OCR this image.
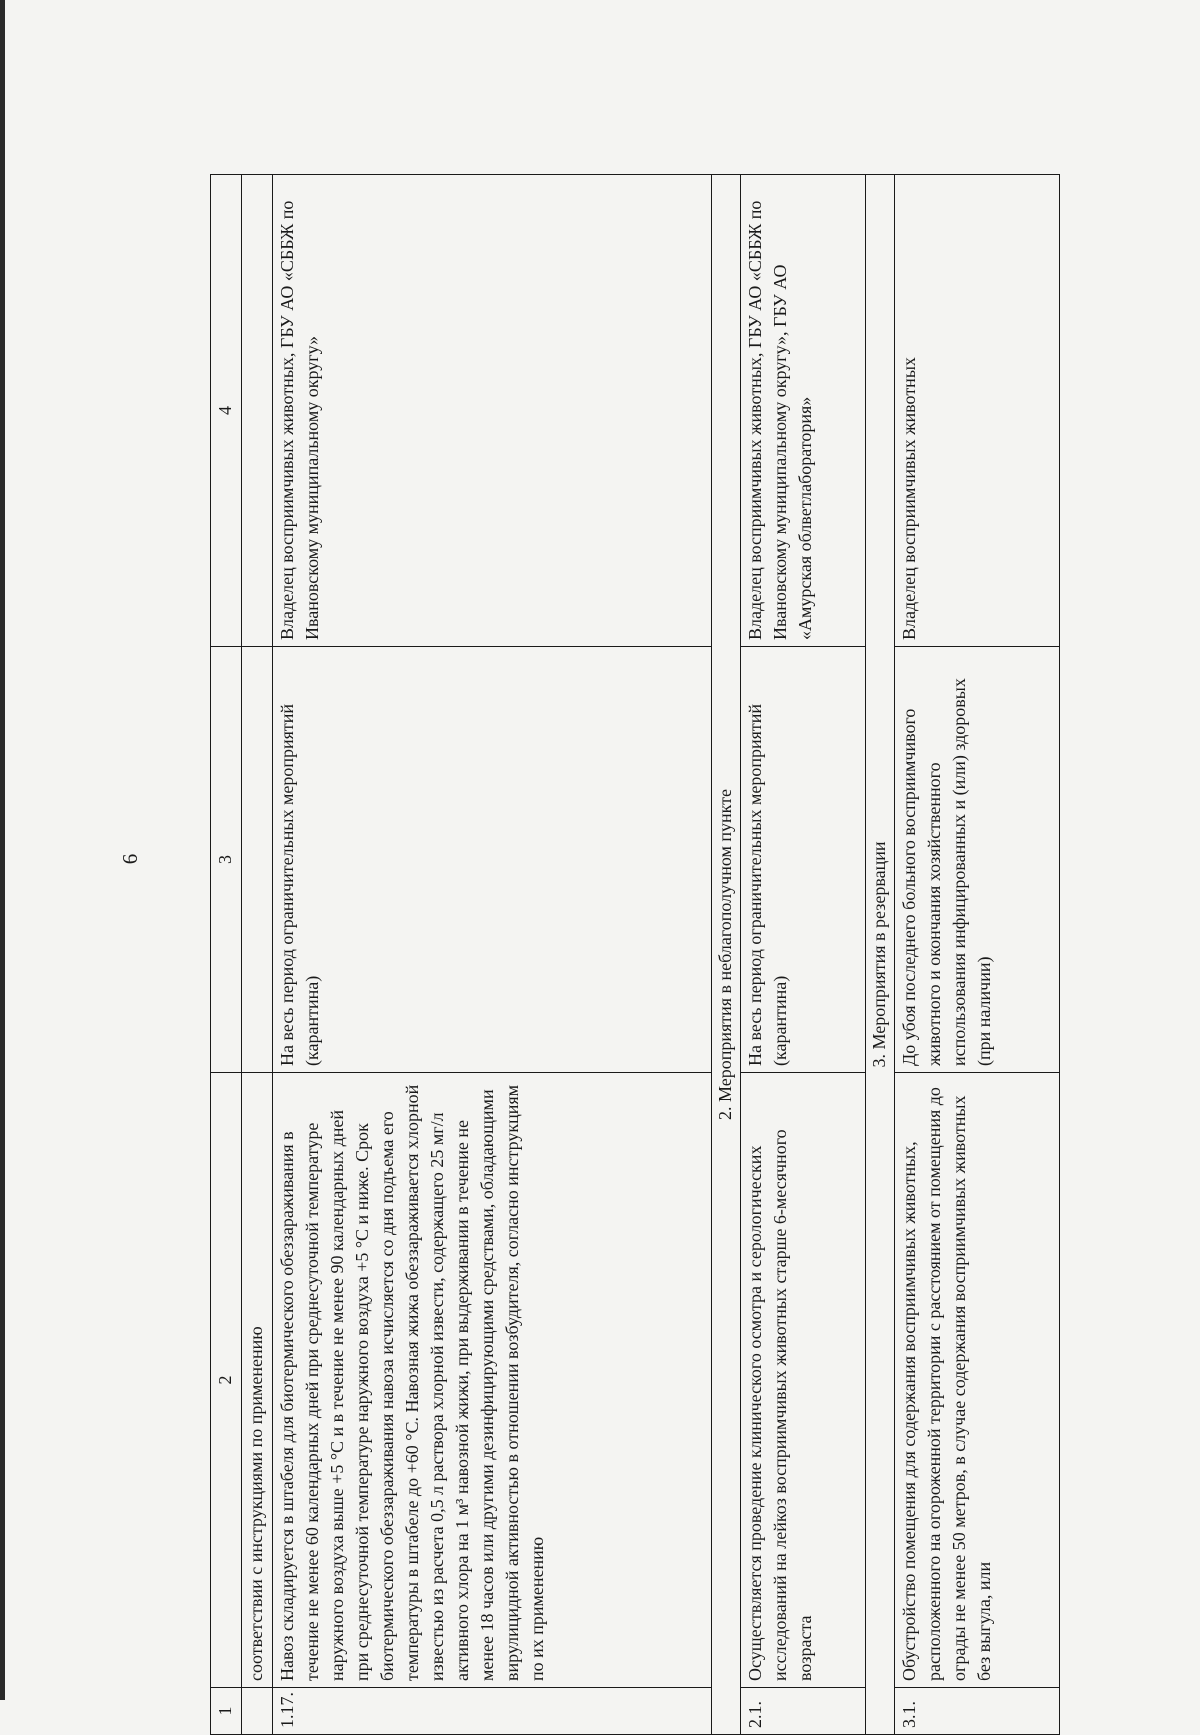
6
1	2	3	4
	соответствии с инструкциями по применению		
1.17.	Навоз складируется в штабеля для биотермического обеззараживания в течение не менее 60 календарных дней при среднесуточной температуре наружного воздуха выше +5 °С и в течение не менее 90 календарных дней при среднесуточной температуре наружного воздуха +5 °С и ниже. Срок биотермического обеззараживания навоза исчисляется со дня подъема его температуры в штабеле до +60 °С. Навозная жижа обеззараживается хлорной известью из расчета 0,5 л раствора хлорной извести, содержащего 25 мг/л активного хлора на 1 м³ навозной жижи, при выдерживании в течение не менее 18 часов или другими дезинфицирующими средствами, обладающими вирулицидной активностью в отношении возбудителя, согласно инструкциям по их применению	На весь период ограничительных мероприятий (карантина)	Владелец восприимчивых животных, ГБУ АО «СББЖ по Ивановскому муниципальному округу»
2. Мероприятия в неблагополучном пункте			
2.1.	Осуществляется проведение клинического осмотра и серологических исследований на лейкоз восприимчивых животных старше 6-месячного возраста	На весь период ограничительных мероприятий (карантина)	Владелец восприимчивых животных, ГБУ АО «СББЖ по Ивановскому муниципальному округу», ГБУ АО «Амурская облветлаборатория»
3. Мероприятия в резервации			
3.1.	Обустройство помещения для содержания восприимчивых животных, расположенного на огороженной территории с расстоянием от помещения до ограды не менее 50 метров, в случае содержания восприимчивых животных без выгула, или	До убоя последнего больного восприимчивого животного и окончания хозяйственного использования инфицированных и (или) здоровых (при наличии)	Владелец восприимчивых животных
